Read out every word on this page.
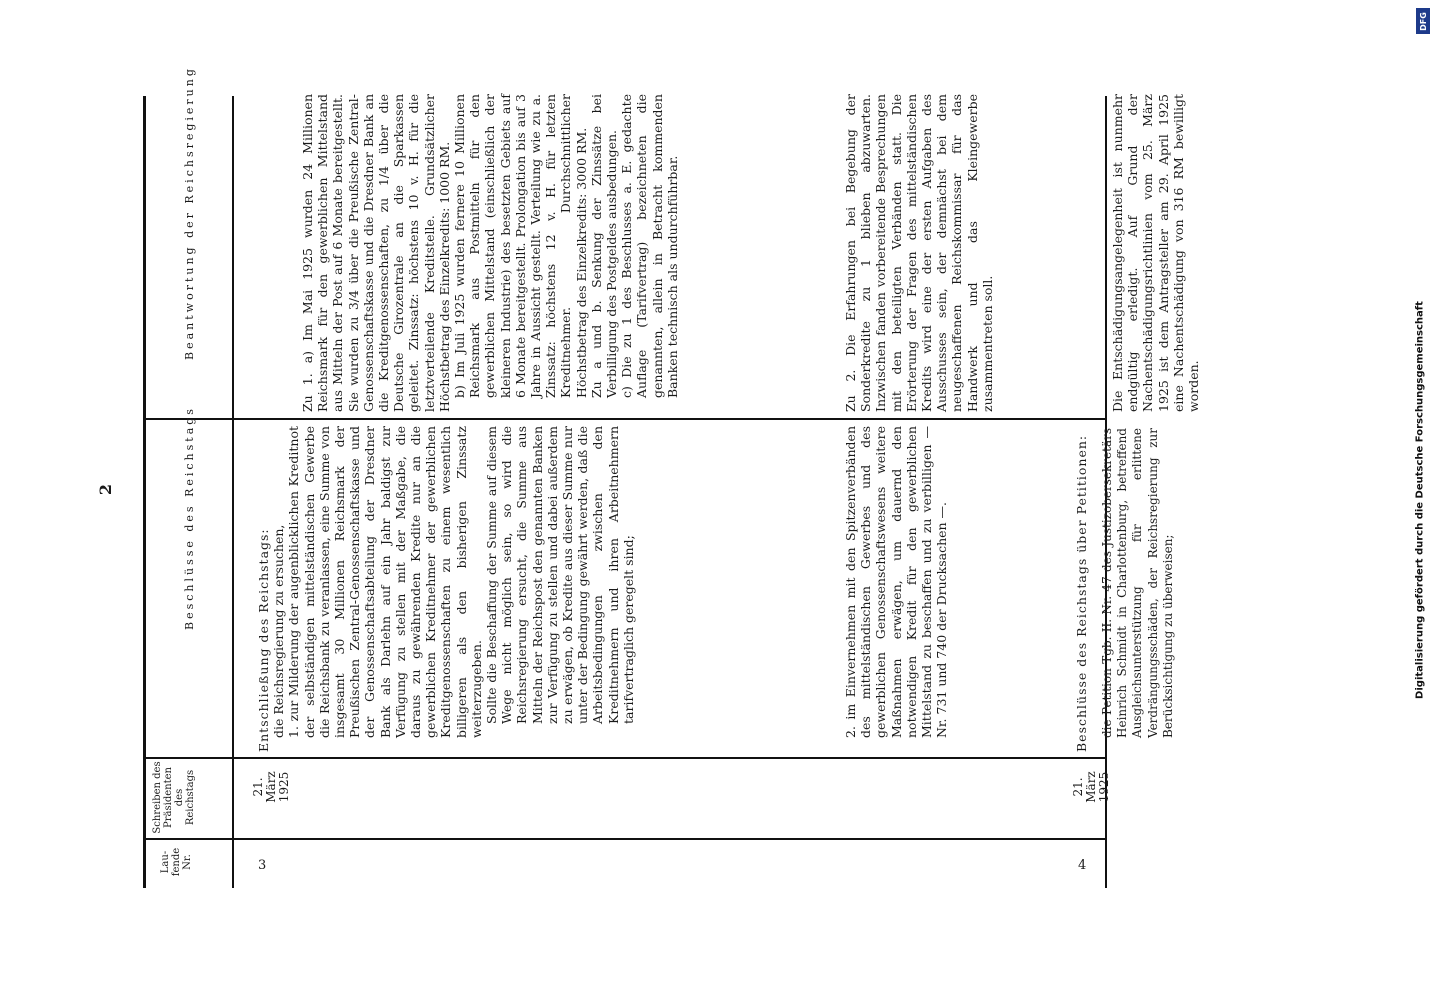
2
DFG
Digitalisierung gefördert durch die Deutsche Forschungsgemeinschaft
Lau-fende Nr.
Schreiben des Präsidenten des Reichstags
Beschlüsse des Reichstags
Beantwortung der Reichsregierung
3
21. März 1925

Entschließung des Reichstags: die Reichsregierung zu ersuchen, 1. zur Milderung der augenblicklichen Kreditnot der selbständigen mittelständischen Gewerbe die Reichsbank zu veranlassen, eine Summe von insgesamt 30 Millionen Reichsmark der Preußischen Zentral-Genossenschaftskasse und der Genossenschaftsabteilung der Dresdner Bank als Darlehn auf ein Jahr baldigst zur Verfügung zu stellen mit der Maßgabe, die daraus zu gewährenden Kredite nur an die gewerblichen Kreditnehmer der gewerblichen Kreditgenossenschaften zu einem wesentlich billigeren als den bisherigen Zinssatz weiterzugeben. Sollte die Beschaffung der Summe auf diesem Wege nicht möglich sein, so wird die Reichsregierung ersucht, die Summe aus Mitteln der Reichspost den genannten Banken zur Verfügung zu stellen und dabei außerdem zu erwägen, ob Kredite aus dieser Summe nur unter der Bedingung gewährt werden, daß die Arbeitsbedingungen zwischen den Kreditnehmern und ihren Arbeitnehmern tarifvertraglich geregelt sind;	2. im Einvernehmen mit den Spitzenverbänden des mittelständischen Gewerbes und des gewerblichen Genossenschaftswesens weitere Maßnahmen erwägen, um dauernd den notwendigen Kredit für den gewerblichen Mittelstand zu beschaffen und zu verbilligen — Nr. 731 und 740 der Drucksachen —.

Zu 1. a) Im Mai 1925 wurden 24 Millionen Reichsmark für den gewerblichen Mittelstand aus Mitteln der Post auf 6 Monate bereitgestellt. Sie wurden zu 3/4 über die Preußische Zentral-Genossenschaftskasse und die Dresdner Bank an die Kreditgenossenschaften, zu 1/4 über die Deutsche Girozentrale an die Sparkassen geleitet. Zinssatz: höchstens 10 v. H. für die letztverteilende Kreditstelle. Grundsätzlicher Höchstbetrag des Einzelkredits: 1000 RM. b) Im Juli 1925 wurden fernere 10 Millionen Reichsmark aus Postmitteln für den gewerblichen Mittelstand (einschließlich der kleineren Industrie) des besetzten Gebiets auf 6 Monate bereitgestellt. Prolongation bis auf 3 Jahre in Aussicht gestellt. Verteilung wie zu a. Zinssatz: höchstens 12 v. H. für letzten Kreditnehmer. Durchschnittlicher Höchstbetrag des Einzelkredits: 3000 RM. Zu a und b. Senkung der Zinssätze bei Verbilligung des Postgeldes ausbedungen. c) Die zu 1 des Beschlusses a. E. gedachte Auflage (Tarifvertrag) bezeichneten die genannten, allein in Betracht kommenden Banken technisch als undurchführbar.	Zu 2. Die Erfahrungen bei Begebung der Sonderkredite zu 1 blieben abzuwarten. Inzwischen fanden vorbereitende Besprechungen mit den beteiligten Verbänden statt. Die Erörterung der Fragen des mittelständischen Kredits wird eine der ersten Aufgaben des Ausschusses sein, der demnächst bei dem neugeschaffenen Reichskommissar für das Handwerk und das Kleingewerbe zusammentreten soll.

4
21. März 1925

Beschlüsse des Reichstags über Petitionen: die Petition Tgb. II. Nr. 47 des Justizobersekretärs Heinrich Schmidt in Charlottenburg, betreffend Ausgleichsunterstützung für erlittene Verdrängungsschäden, der Reichsregierung zur Berücksichtigung zu überweisen;

Die Entschädigungsangelegenheit ist nunmehr endgültig erledigt. Auf Grund der Nachentschädigungsrichtlinien vom 25. März 1925 ist dem Antragsteller am 29. April 1925 eine Nachentschädigung von 316 RM bewilligt worden.
